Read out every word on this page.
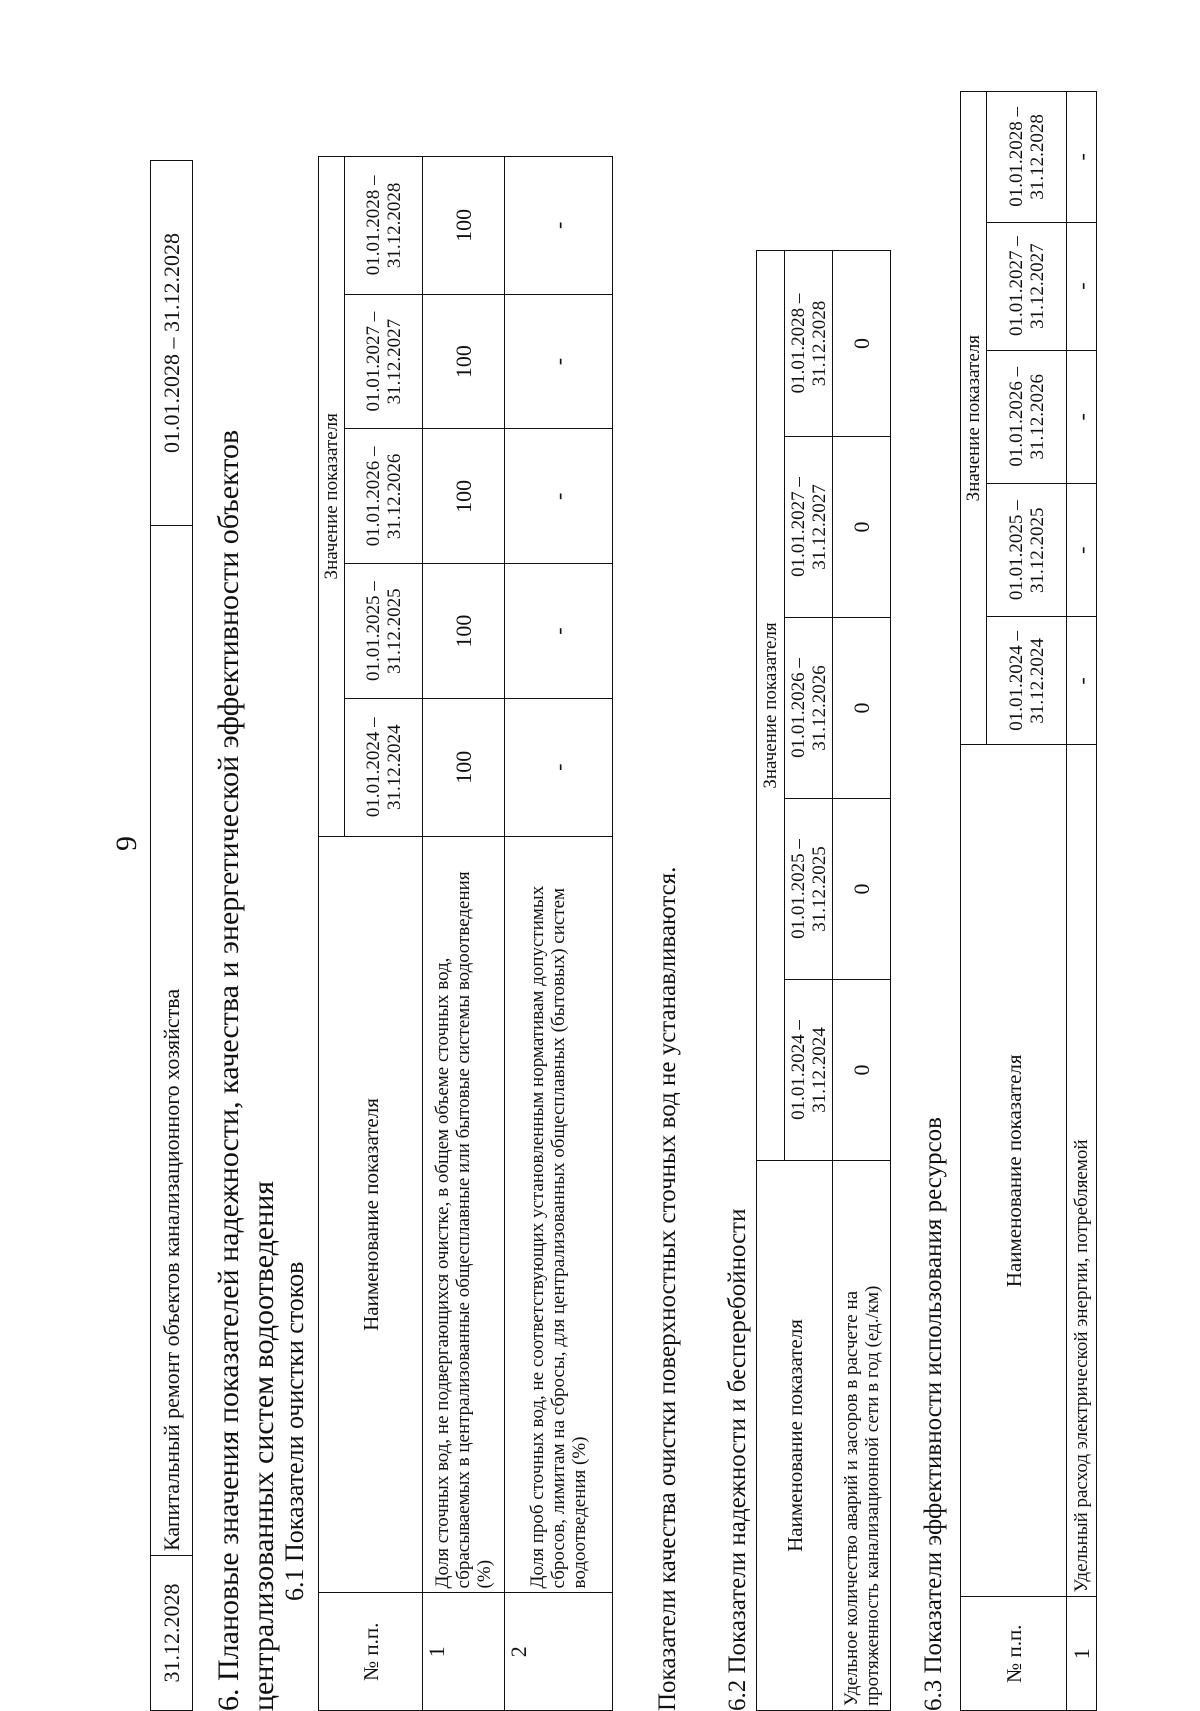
9
31.12.2028	Капитальный ремонт объектов канализационного хозяйства	01.01.2028 – 31.12.2028
6. Плановые значения показателей надежности, качества и энергетической эффективности объектов централизованных систем водоотведения 6.1 Показатели очистки стоков
№ п.п.	Наименование показателя	Значение показателя				
		01.01.2024 – 31.12.2024	01.01.2025 – 31.12.2025	01.01.2026 – 31.12.2026	01.01.2027 – 31.12.2027	01.01.2028 – 31.12.2028
1	Доля сточных вод, не подвергающихся очистке, в общем объеме сточных вод, сбрасываемых в централизованные общесплавные или бытовые системы водоотведения (%)	100	100	100	100	100
2	Доля проб сточных вод, не соответствующих установленным нормативам допустимых сбросов, лимитам на сбросы, для централизованных общесплавных (бытовых) систем водоотведения (%)	-	-	-	-	-
Показатели качества очистки поверхностных сточных вод не устанавливаются. 6.2 Показатели надежности и бесперебойности Наименование показателя	Значение показателя				
	01.01.2024 – 31.12.2024	01.01.2025 – 31.12.2025	01.01.2026 – 31.12.2026	01.01.2027 – 31.12.2027	01.01.2028 – 31.12.2028
Удельное количество аварий и засоров в расчете на протяженность канализационной сети в год (ед./км)	0	0	0	0	0
6.3 Показатели эффективности использования ресурсов	№ п.п.	Наименование показателя	Значение показателя				
		01.01.2024 – 31.12.2024	01.01.2025 – 31.12.2025	01.01.2026 – 31.12.2026	01.01.2027 – 31.12.2027	01.01.2028 – 31.12.2028
1	Удельный расход электрической энергии, потребляемой	-	-	-	-	-
